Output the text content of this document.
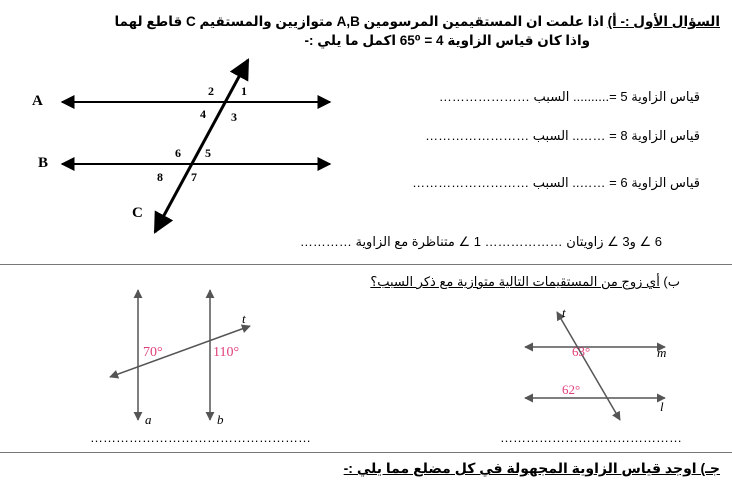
السؤال الأول :- أ) اذا علمت ان المستقيمين المرسومين A,B متوازيين والمستقيم C قاطع لهما
واذا كان قياس الزاوية 4 = 65⁰ اكمل ما يلي :-
A
B
C
1
2
3
4
5
6
7
8
قياس الزاوية 5 =.......... السبب …………………
قياس الزاوية 8 = …….. السبب ……………………
قياس الزاوية 6 = …….. السبب ………………………
6 ∠ و3 ∠ زاويتان ……………… 1 ∠ متناظرة مع الزاوية …………
ب) أي زوج من المستقيمات التالية متوازية مع ذكر السبب؟
70°	110°
a	b
t
63°
62°
m
l
t
……………………………………………	……………………………………
جـ) اوجد قياس الزاوية المجهولة في كل مضلع مما يلي :-
